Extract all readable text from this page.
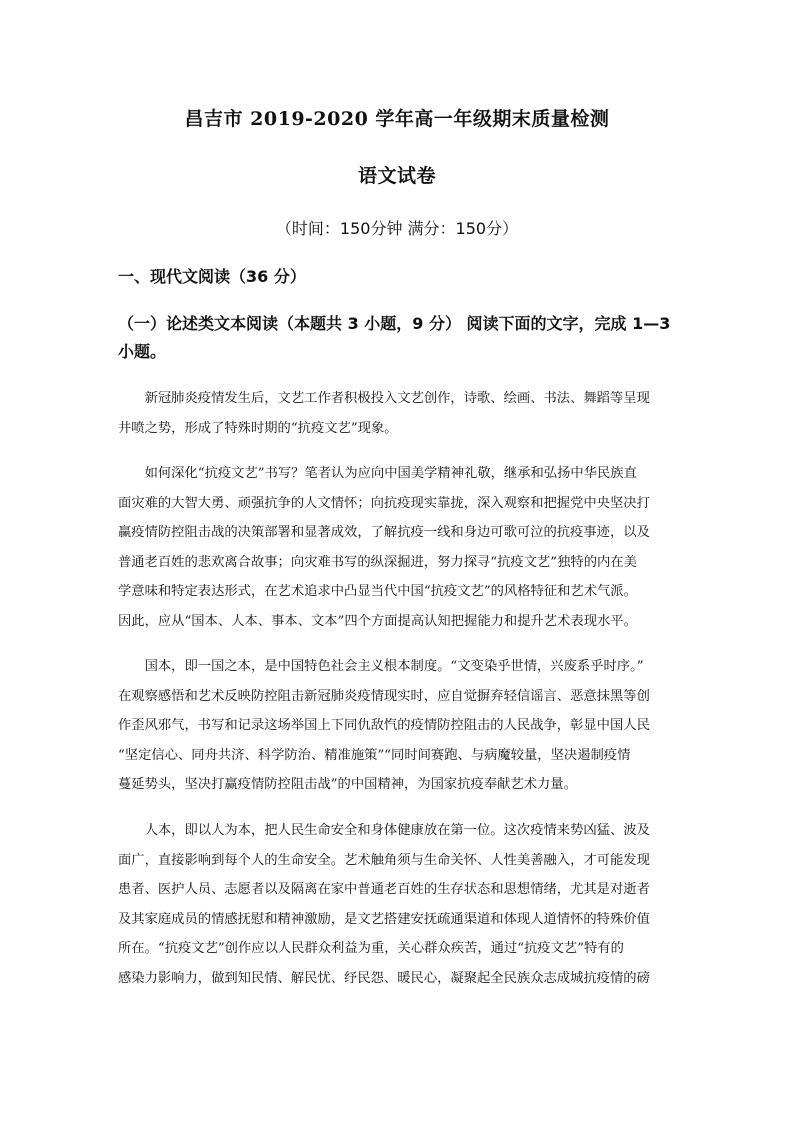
昌吉市 2019-2020 学年高一年级期末质量检测
语文试卷
（时间：150分钟 满分：150分）
一、现代文阅读（36 分）
（一）论述类文本阅读（本题共 3 小题，9 分） 阅读下面的文字，完成 1—3
小题。
　　新冠肺炎疫情发生后，文艺工作者积极投入文艺创作，诗歌、绘画、书法、舞蹈等呈现
井喷之势，形成了特殊时期的“抗疫文艺”现象。
　　如何深化“抗疫文艺”书写？笔者认为应向中国美学精神礼敬，继承和弘扬中华民族直
面灾难的大智大勇、顽强抗争的人文情怀；向抗疫现实靠拢，深入观察和把握党中央坚决打
赢疫情防控阻击战的决策部署和显著成效，了解抗疫一线和身边可歌可泣的抗疫事迹，以及
普通老百姓的悲欢离合故事；向灾难书写的纵深掘进，努力探寻“抗疫文艺”独特的内在美
学意味和特定表达形式，在艺术追求中凸显当代中国“抗疫文艺”的风格特征和艺术气派。
因此，应从“国本、人本、事本、文本”四个方面提高认知把握能力和提升艺术表现水平。
　　国本，即一国之本，是中国特色社会主义根本制度。“文变染乎世情，兴废系乎时序。”
在观察感悟和艺术反映防控阻击新冠肺炎疫情现实时，应自觉摒弃轻信谣言、恶意抹黑等创
作歪风邪气，书写和记录这场举国上下同仇敌忾的疫情防控阻击的人民战争，彰显中国人民
“坚定信心、同舟共济、科学防治、精准施策”“同时间赛跑、与病魔较量，坚决遏制疫情
蔓延势头，坚决打赢疫情防控阻击战”的中国精神，为国家抗疫奉献艺术力量。
　　人本，即以人为本，把人民生命安全和身体健康放在第一位。这次疫情来势凶猛、波及
面广，直接影响到每个人的生命安全。艺术触角须与生命关怀、人性美善融入，才可能发现
患者、医护人员、志愿者以及隔离在家中普通老百姓的生存状态和思想情绪，尤其是对逝者
及其家庭成员的情感抚慰和精神激励，是文艺搭建安抚疏通渠道和体现人道情怀的特殊价值
所在。“抗疫文艺”创作应以人民群众利益为重，关心群众疾苦，通过“抗疫文艺”特有的
感染力影响力，做到知民情、解民忧、纾民怨、暖民心，凝聚起全民族众志成城抗疫情的磅
